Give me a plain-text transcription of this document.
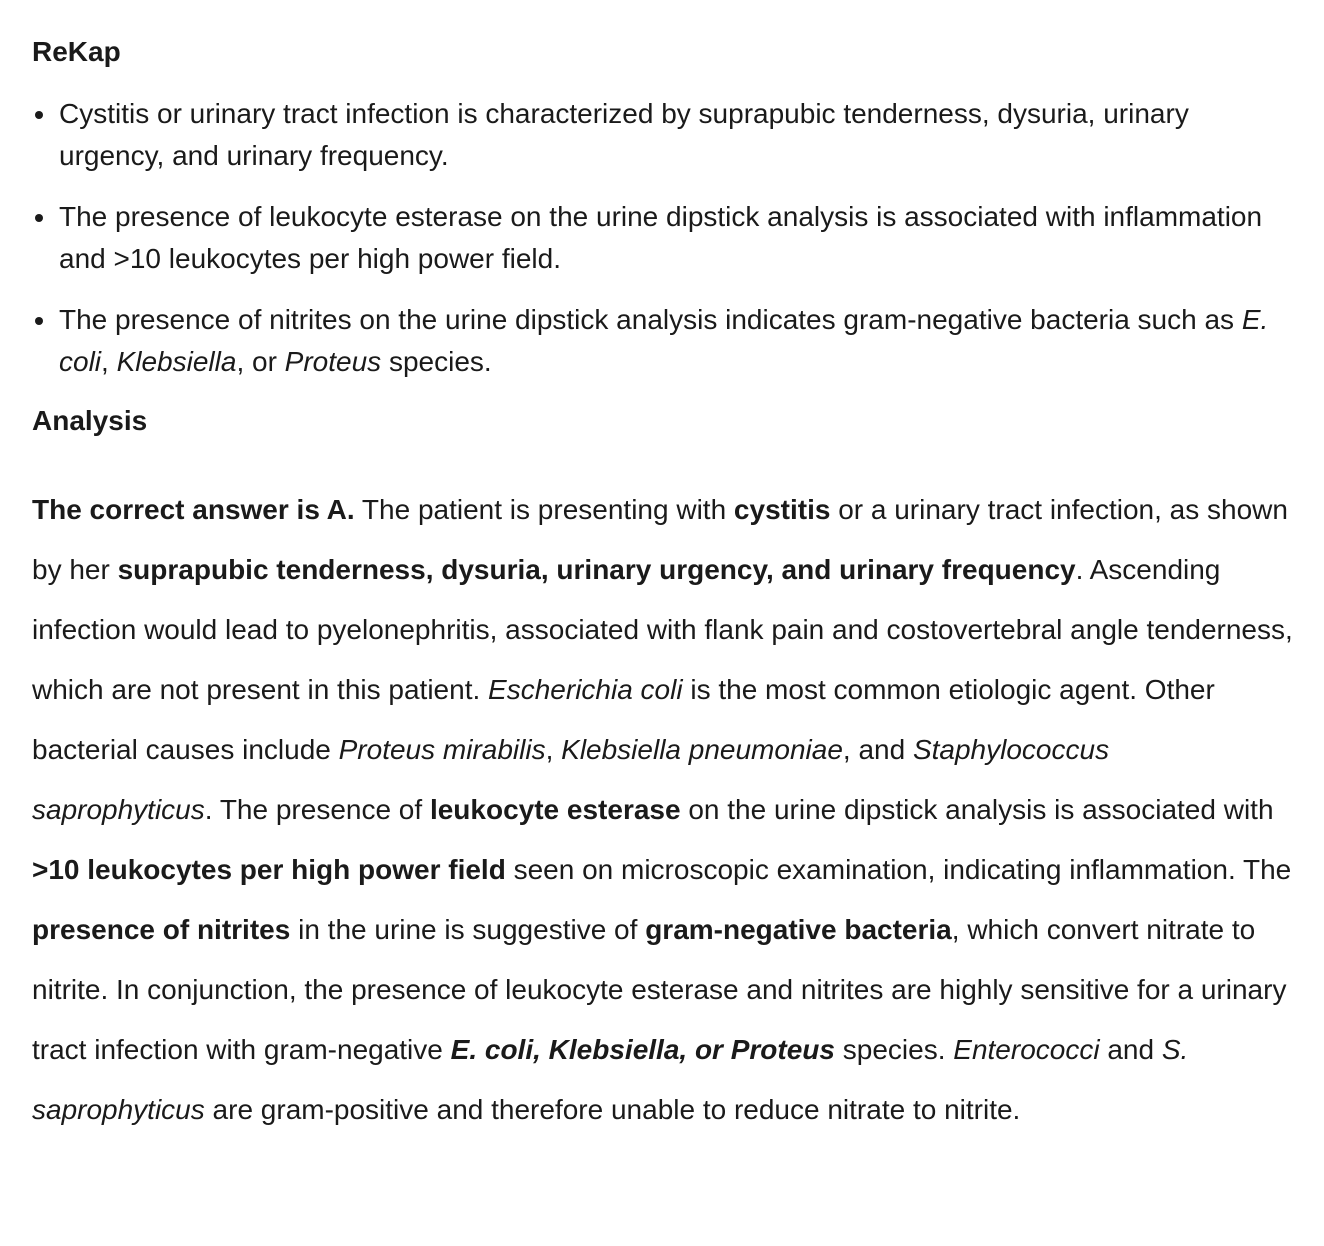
ReKap
Cystitis or urinary tract infection is characterized by suprapubic tenderness, dysuria, urinary urgency, and urinary frequency.
The presence of leukocyte esterase on the urine dipstick analysis is associated with inflammation and >10 leukocytes per high power field.
The presence of nitrites on the urine dipstick analysis indicates gram-negative bacteria such as E. coli, Klebsiella, or Proteus species.
Analysis

The correct answer is A. The patient is presenting with cystitis or a urinary tract infection, as shown by her suprapubic tenderness, dysuria, urinary urgency, and urinary frequency. Ascending infection would lead to pyelonephritis, associated with flank pain and costovertebral angle tenderness, which are not present in this patient. Escherichia coli is the most common etiologic agent. Other bacterial causes include Proteus mirabilis, Klebsiella pneumoniae, and Staphylococcus saprophyticus. The presence of leukocyte esterase on the urine dipstick analysis is associated with >10 leukocytes per high power field seen on microscopic examination, indicating inflammation. The presence of nitrites in the urine is suggestive of gram-negative bacteria, which convert nitrate to nitrite. In conjunction, the presence of leukocyte esterase and nitrites are highly sensitive for a urinary tract infection with gram-negative E. coli, Klebsiella, or Proteus species. Enterococci and S. saprophyticus are gram-positive and therefore unable to reduce nitrate to nitrite.
